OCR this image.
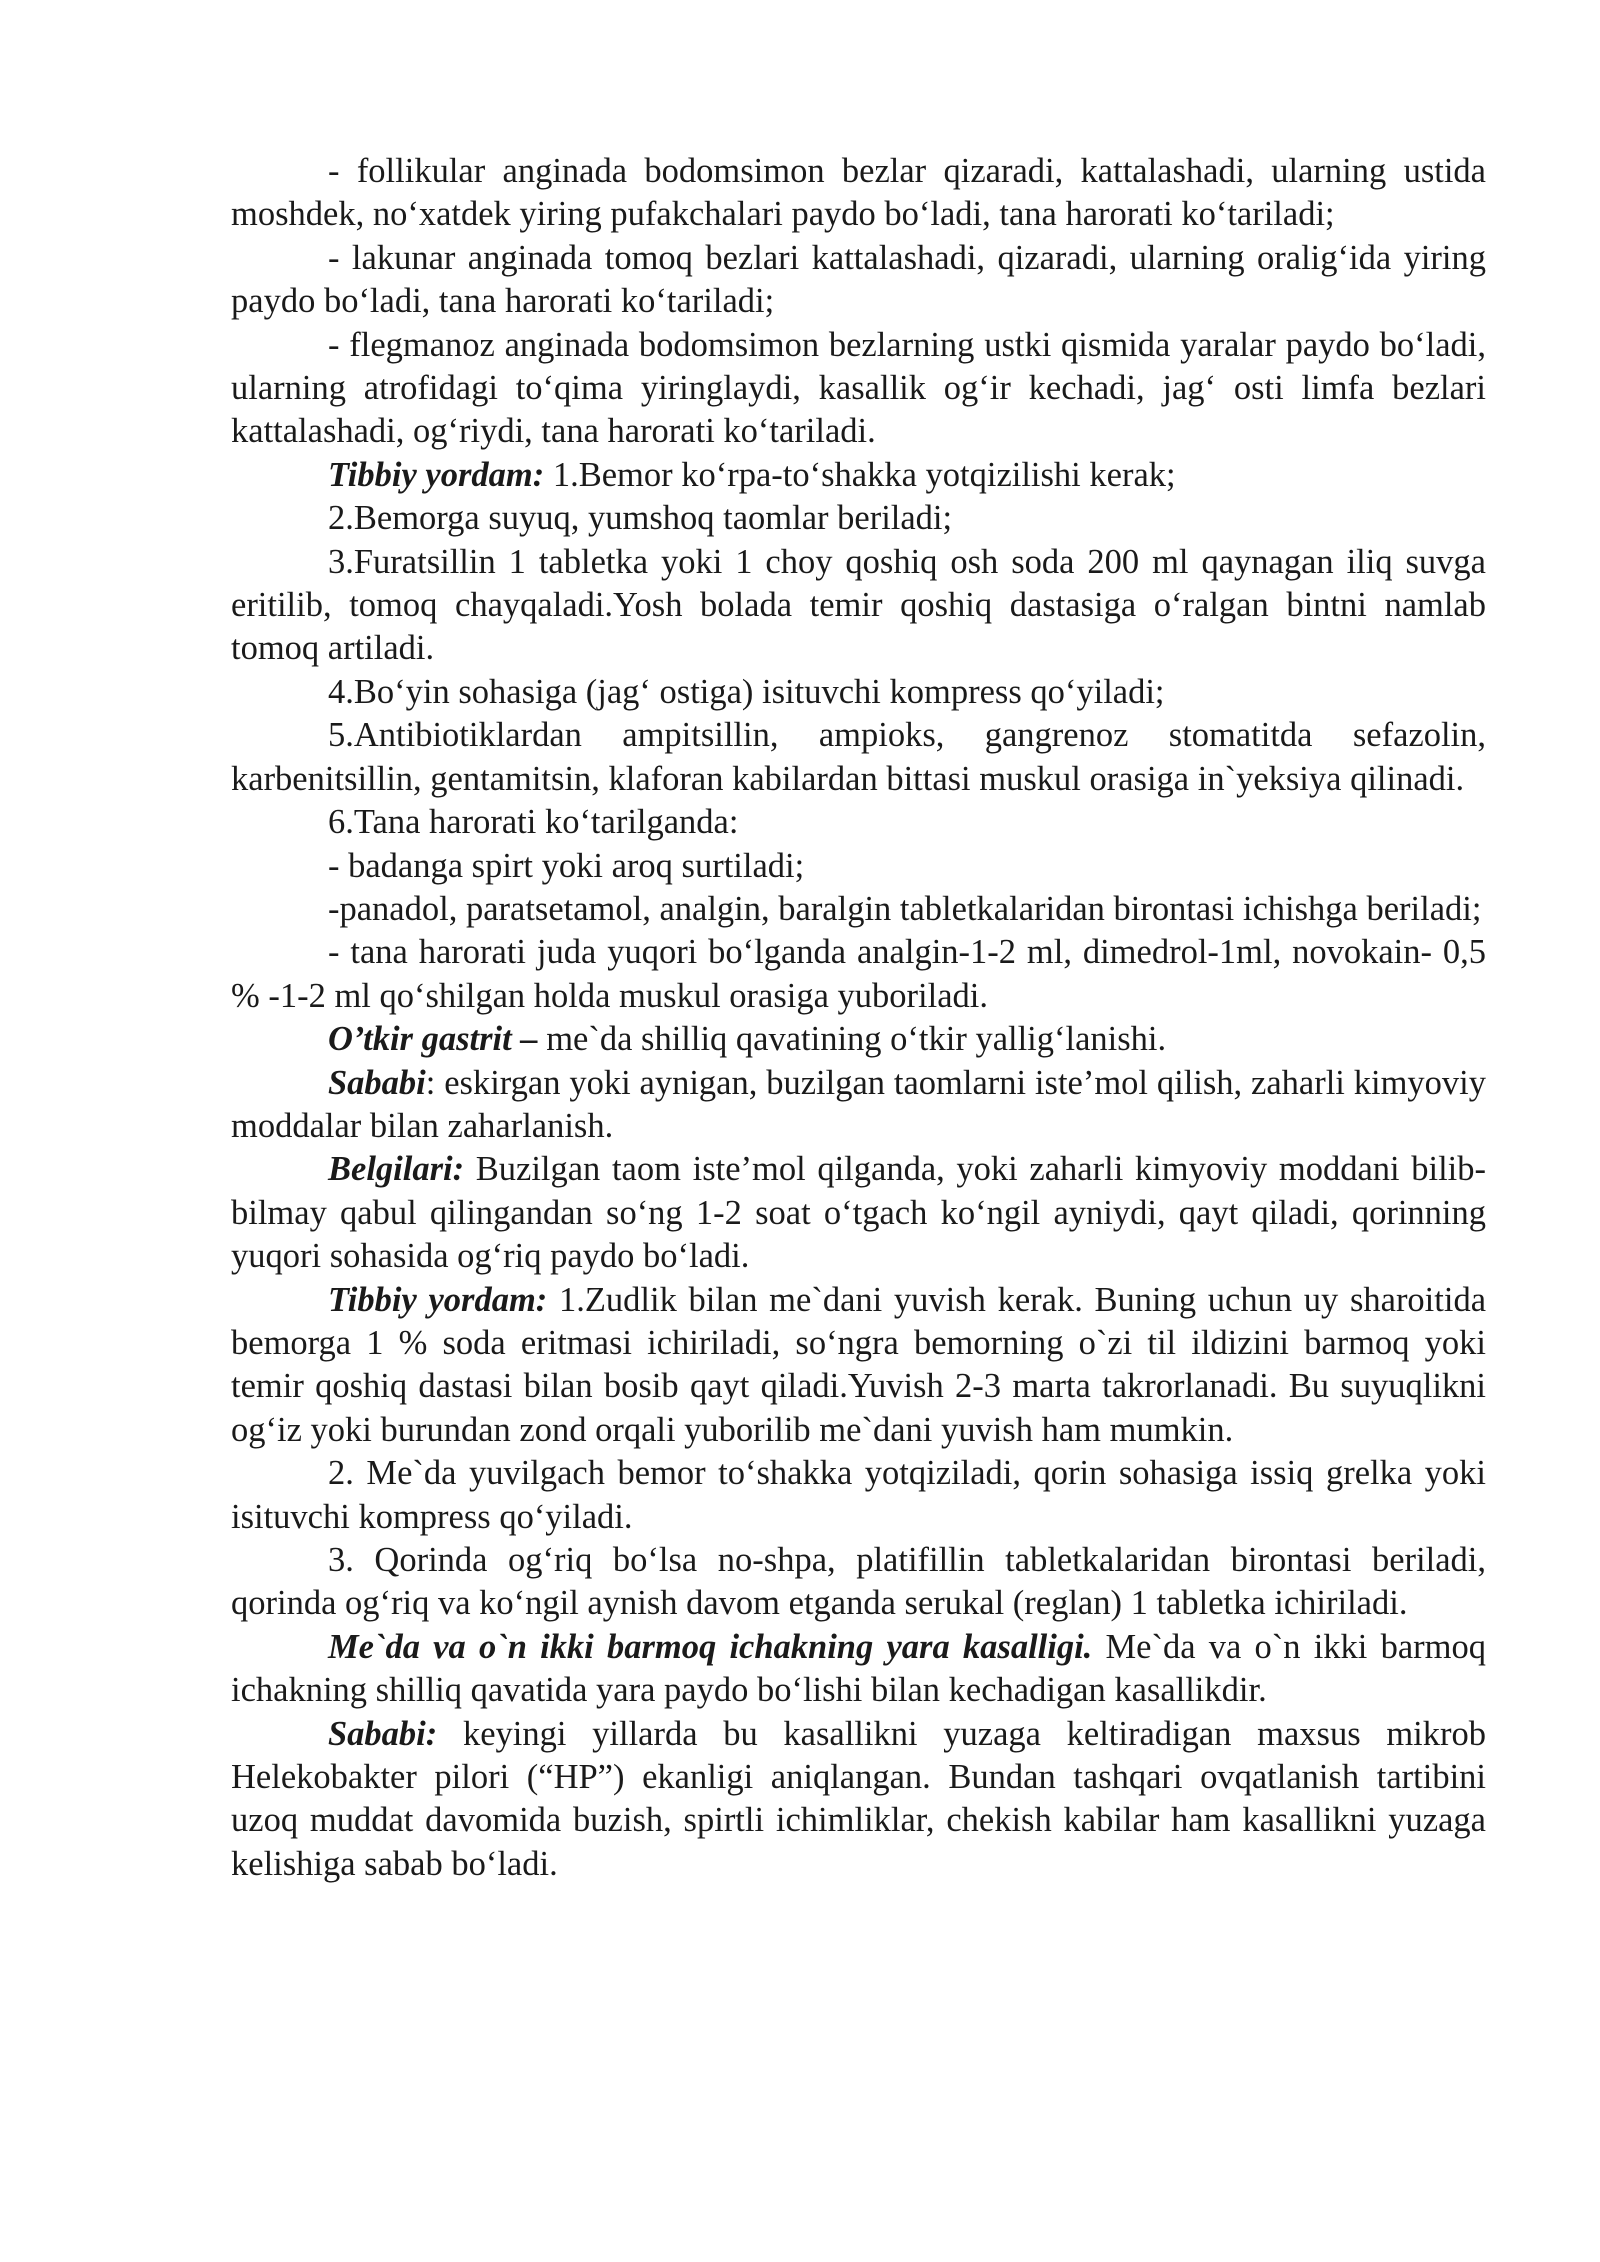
- follikular anginada bodomsimon bezlar qizaradi, kattalashadi, ularning ustida moshdek, no‘xatdek yiring pufakchalari paydo bo‘ladi, tana harorati ko‘tariladi;

- lakunar anginada tomoq bezlari kattalashadi, qizaradi, ularning oralig‘ida yiring paydo bo‘ladi, tana harorati ko‘tariladi;

- flegmanoz anginada bodomsimon bezlarning ustki qismida yaralar paydo bo‘ladi, ularning atrofidagi to‘qima yiringlaydi, kasallik og‘ir kechadi, jag‘ osti limfa bezlari kattalashadi, og‘riydi, tana harorati ko‘tariladi.

Tibbiy yordam: 1.Bemor ko‘rpa-to‘shakka yotqizilishi kerak;

2.Bemorga suyuq, yumshoq taomlar beriladi;

3.Furatsillin 1 tabletka yoki 1 choy qoshiq osh soda 200 ml qaynagan iliq suvga eritilib, tomoq chayqaladi.Yosh bolada temir qoshiq dastasiga o‘ralgan bintni namlab tomoq artiladi.

4.Bo‘yin sohasiga (jag‘ ostiga) isituvchi kompress qo‘yiladi;

5.Antibiotiklardan ampitsillin, ampioks, gangrenoz stomatitda sefazolin, karbenitsillin, gentamitsin, klaforan kabilardan bittasi muskul orasiga in`yeksiya qilinadi.

6.Tana harorati ko‘tarilganda:

- badanga spirt yoki aroq surtiladi;

-panadol, paratsetamol, analgin, baralgin tabletkalaridan birontasi ichishga beriladi;

- tana harorati juda yuqori bo‘lganda analgin-1-2 ml, dimedrol-1ml, novokain- 0,5 % -1-2 ml qo‘shilgan holda muskul orasiga yuboriladi.

O’tkir gastrit – me`da shilliq qavatining o‘tkir yallig‘lanishi.

Sababi: eskirgan yoki aynigan, buzilgan taomlarni iste’mol qilish, zaharli kimyoviy moddalar bilan zaharlanish.

Belgilari: Buzilgan taom iste’mol qilganda, yoki zaharli kimyoviy moddani bilib-bilmay qabul qilingandan so‘ng 1-2 soat o‘tgach ko‘ngil ayniydi, qayt qiladi, qorinning yuqori sohasida og‘riq paydo bo‘ladi.

Tibbiy yordam: 1.Zudlik bilan me`dani yuvish kerak. Buning uchun uy sharoitida bemorga 1 % soda eritmasi ichiriladi, so‘ngra bemorning o`zi til ildizini barmoq yoki temir qoshiq dastasi bilan bosib qayt qiladi.Yuvish 2-3 marta takrorlanadi. Bu suyuqlikni og‘iz yoki burundan zond orqali yuborilib me`dani yuvish ham mumkin.

2. Me`da yuvilgach bemor to‘shakka yotqiziladi, qorin sohasiga issiq grelka yoki isituvchi kompress qo‘yiladi.

3. Qorinda og‘riq bo‘lsa no-shpa, platifillin tabletkalaridan birontasi beriladi, qorinda og‘riq va ko‘ngil aynish davom etganda serukal (reglan) 1 tabletka ichiriladi.

Me`da va o`n ikki barmoq ichakning yara kasalligi. Me`da va o`n ikki barmoq ichakning shilliq qavatida yara paydo bo‘lishi bilan kechadigan kasallikdir.

Sababi: keyingi yillarda bu kasallikni yuzaga keltiradigan maxsus mikrob Helekobakter pilori (“HP”) ekanligi aniqlangan. Bundan tashqari ovqatlanish tartibini uzoq muddat davomida buzish, spirtli ichimliklar, chekish kabilar ham kasallikni yuzaga kelishiga sabab bo‘ladi.
